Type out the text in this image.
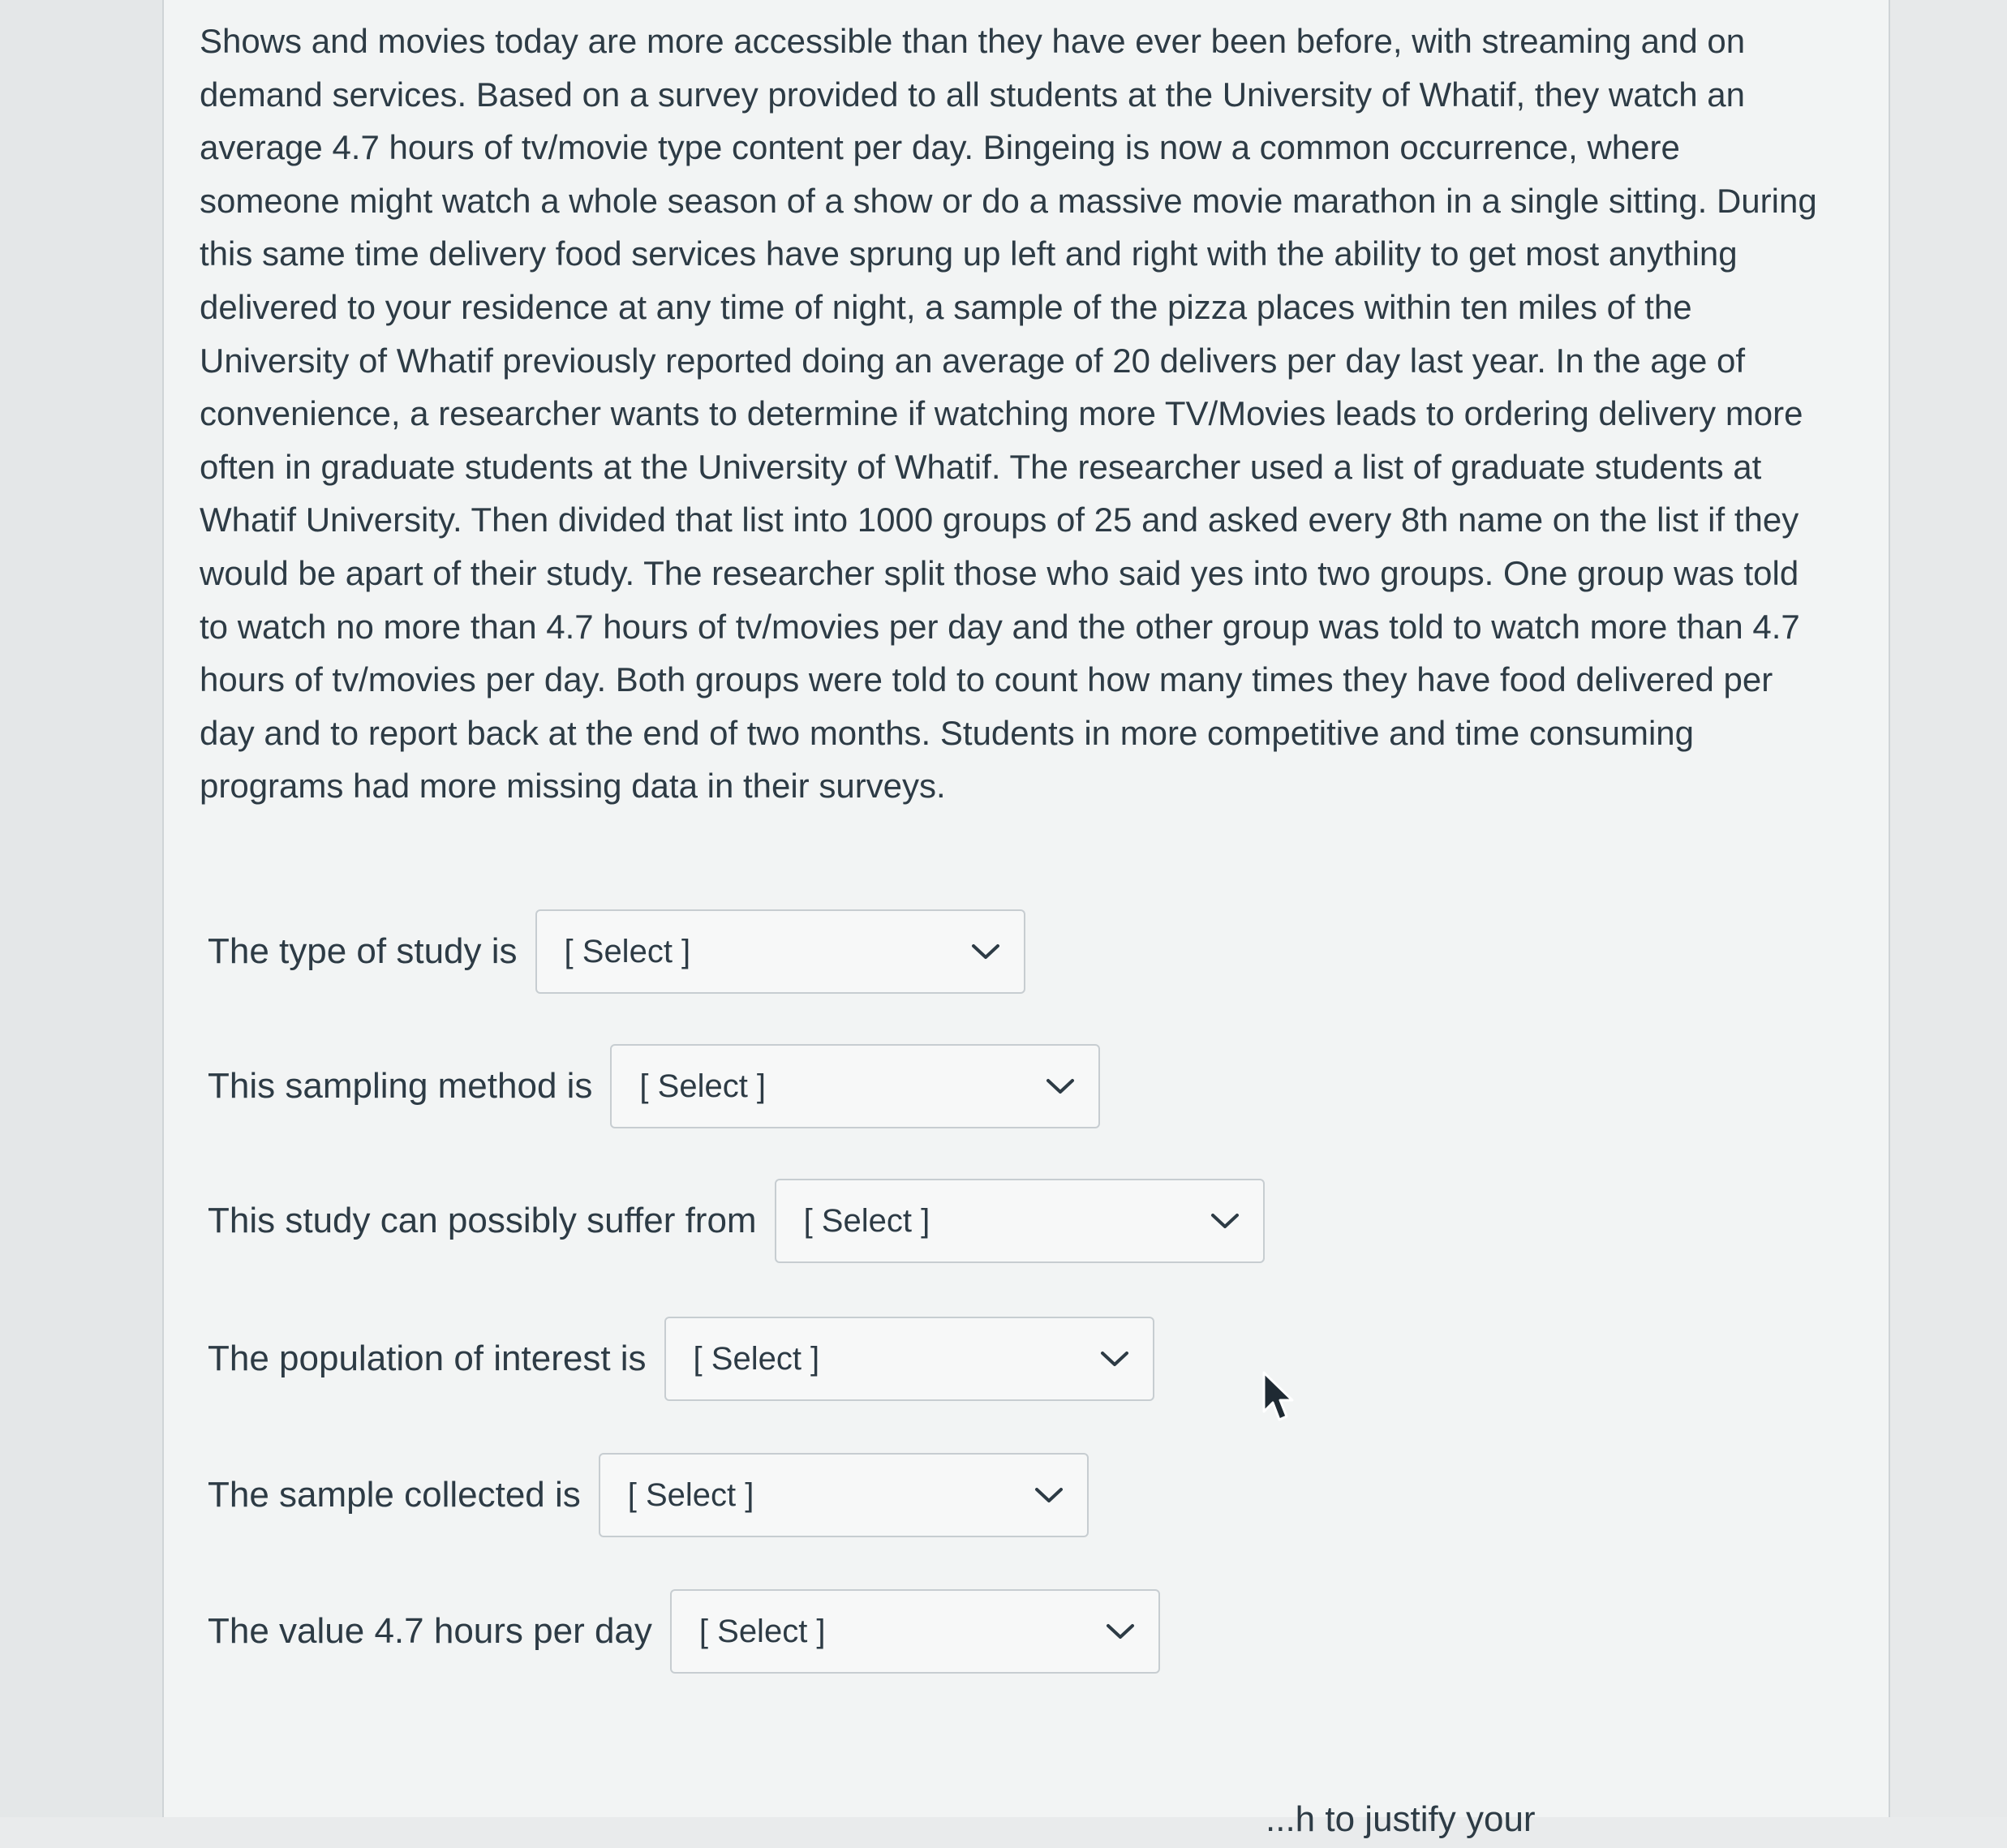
Shows and movies today are more accessible than they have ever been before, with streaming and on demand services. Based on a survey provided to all students at the University of Whatif, they watch an average 4.7 hours of tv/movie type content per day. Bingeing is now a common occurrence, where someone might watch a whole season of a show or do a massive movie marathon in a single sitting. During this same time delivery food services have sprung up left and right with the ability to get most anything delivered to your residence at any time of night, a sample of the pizza places within ten miles of the University of Whatif previously reported doing an average of 20 delivers per day last year. In the age of convenience, a researcher wants to determine if watching more TV/Movies leads to ordering delivery more often in graduate students at the University of Whatif. The researcher used a list of graduate students at Whatif University. Then divided that list into 1000 groups of 25 and asked every 8th name on the list if they would be apart of their study. The researcher split those who said yes into two groups. One group was told to watch no more than 4.7 hours of tv/movies per day and the other group was told to watch more than 4.7 hours of tv/movies per day. Both groups were told to count how many times they have food delivered per day and to report back at the end of two months. Students in more competitive and time consuming programs had more missing data in their surveys.

The type of study is [ Select ]
This sampling method is [ Select ]
This study can possibly suffer from [ Select ]
The population of interest is [ Select ]
The sample collected is [ Select ]
The value 4.7 hours per day [ Select ]
...h to justify your
